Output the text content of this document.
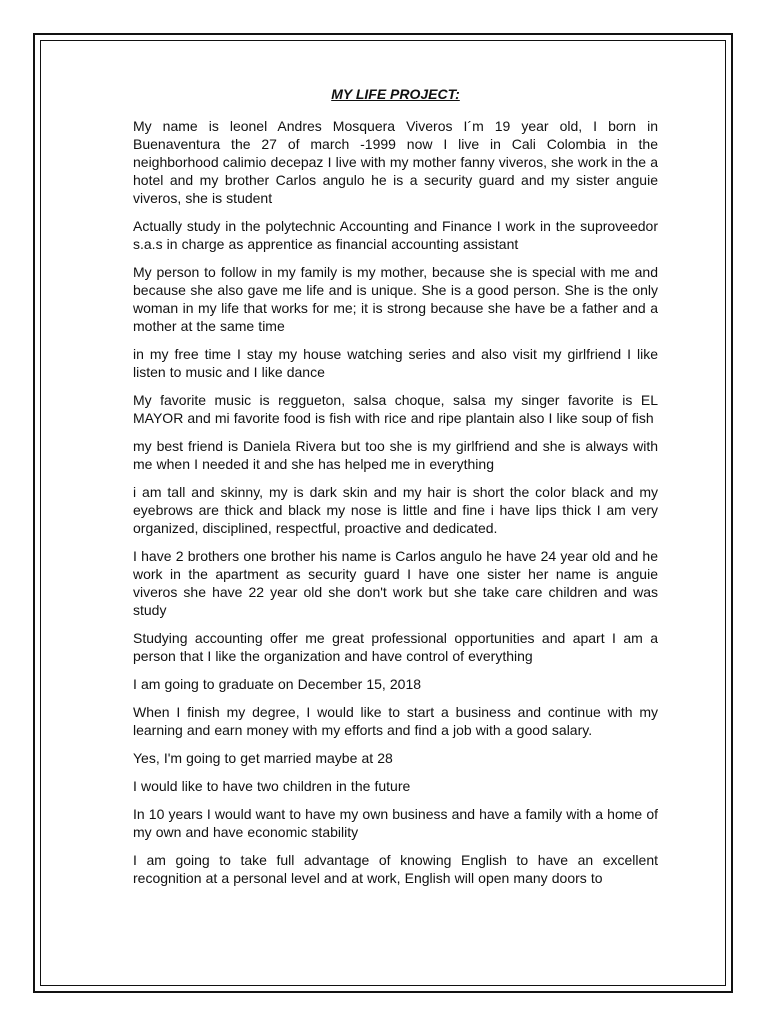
MY LIFE PROJECT:

My name is leonel Andres Mosquera Viveros I´m 19 year old, I born in Buenaventura the 27 of march -1999 now I live in Cali Colombia in the neighborhood calimio decepaz I live with my mother fanny viveros, she work in the a hotel and my brother Carlos angulo he is a security guard and my sister anguie viveros, she is student

Actually study in the polytechnic Accounting and Finance I work in the suproveedor s.a.s in charge as apprentice as financial accounting assistant

My person to follow in my family is my mother, because she is special with me and because she also gave me life and is unique. She is a good person. She is the only woman in my life that works for me; it is strong because she have be a father and a mother at the same time

in my free time I stay my house watching series and also visit my girlfriend I like listen to music and I like dance

My favorite music is reggueton, salsa choque, salsa my singer favorite is EL MAYOR and mi favorite food is fish with rice and ripe plantain also I like soup of fish

my best friend is Daniela Rivera but too she is my girlfriend and she is always with me when I needed it and she has helped me in everything

i am tall and skinny, my is dark skin and my hair is short the color black and my eyebrows are thick and black my nose is little and fine i have lips thick I am very organized, disciplined, respectful, proactive and dedicated.

I have 2 brothers one brother his name is Carlos angulo he have 24 year old and he work in the apartment as security guard I have one sister her name is anguie viveros she have 22 year old she don't work but she take care children and was study

Studying accounting offer me great professional opportunities and apart I am a person that I like the organization and have control of everything

I am going to graduate on December 15, 2018

When I finish my degree, I would like to start a business and continue with my learning and earn money with my efforts and find a job with a good salary.

Yes, I'm going to get married maybe at 28

I would like to have two children in the future

In 10 years I would want to have my own business and have a family with a home of my own and have economic stability

I am going to take full advantage of knowing English to have an excellent recognition at a personal level and at work, English will open many doors to
